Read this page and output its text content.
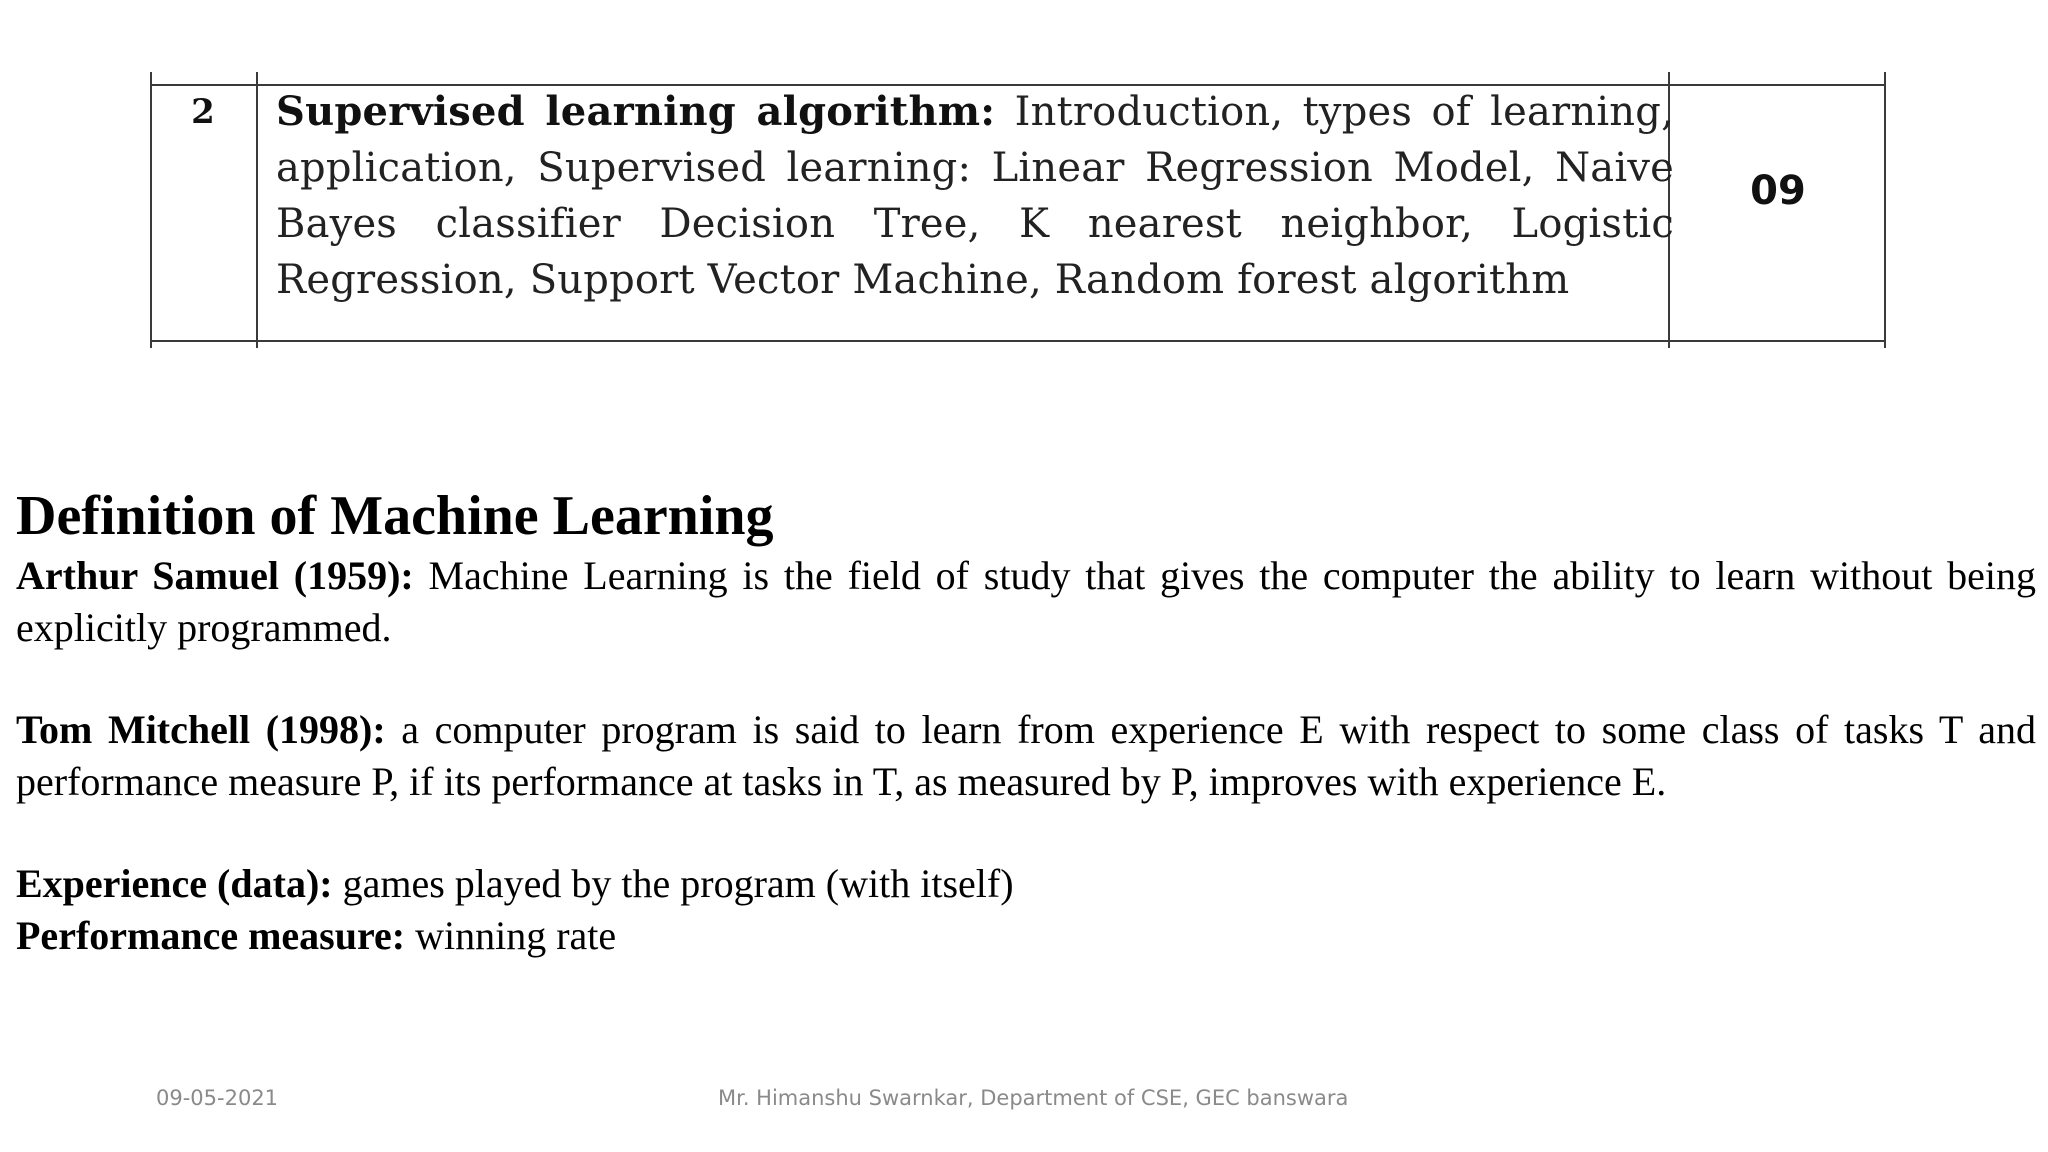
2	Supervised learning algorithm: Introduction, types of learning, application, Supervised learning: Linear Regression Model, Naive Bayes classifier Decision Tree, K nearest neighbor, Logistic Regression, Support Vector Machine, Random forest algorithm
09

Definition of Machine Learning

Arthur Samuel (1959): Machine Learning is the field of study that gives the computer the ability to learn without being explicitly programmed.

Tom Mitchell (1998): a computer program is said to learn from experience E with respect to some class of tasks T and performance measure P, if its performance at tasks in T, as measured by P, improves with experience E.

Experience (data): games played by the program (with itself)

Performance measure: winning rate

09-05-2021	Mr. Himanshu Swarnkar, Department of CSE, GEC banswara
